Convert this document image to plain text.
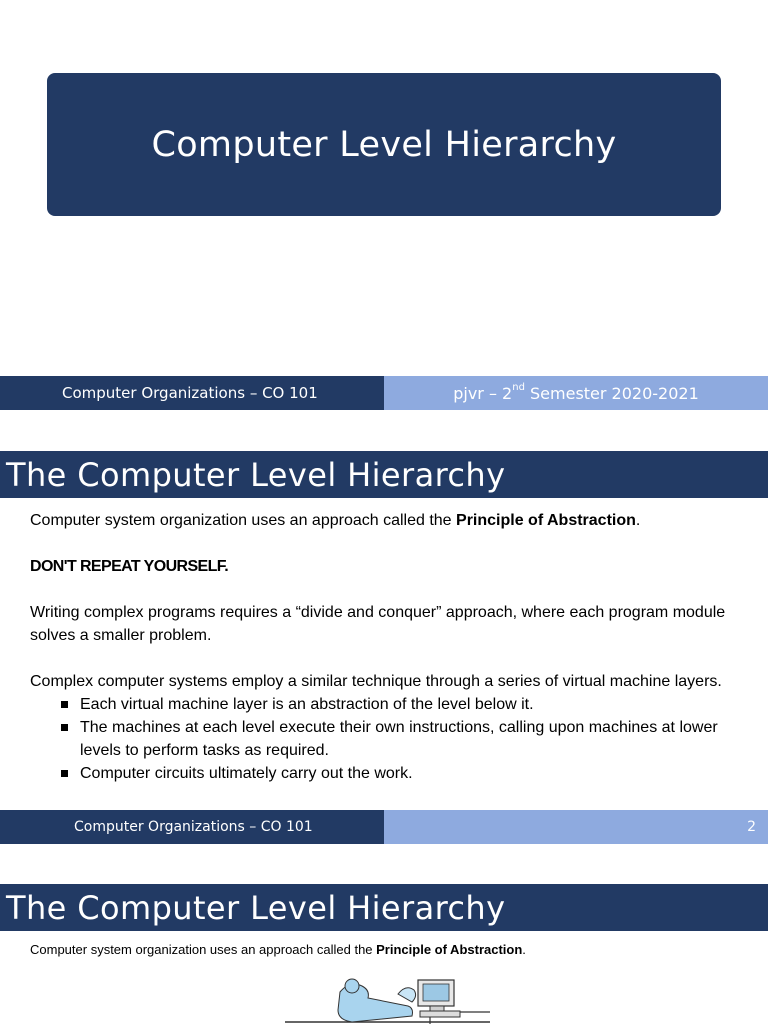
Computer Level Hierarchy
Computer Organizations – CO 101	pjvr – 2nd Semester 2020-2021
The Computer Level Hierarchy

Computer system organization uses an approach called the Principle of Abstraction.

DON'T REPEAT YOURSELF.

Writing complex programs requires a “divide and conquer” approach, where each program module solves a smaller problem.

Complex computer systems employ a similar technique through a series of virtual machine layers.

Each virtual machine layer is an abstraction of the level below it.
The machines at each level execute their own instructions, calling upon machines at lower levels to perform tasks as required.
Computer circuits ultimately carry out the work.
Computer Organizations – CO 101	2
The Computer Level Hierarchy
Computer system organization uses an approach called the Principle of Abstraction.
